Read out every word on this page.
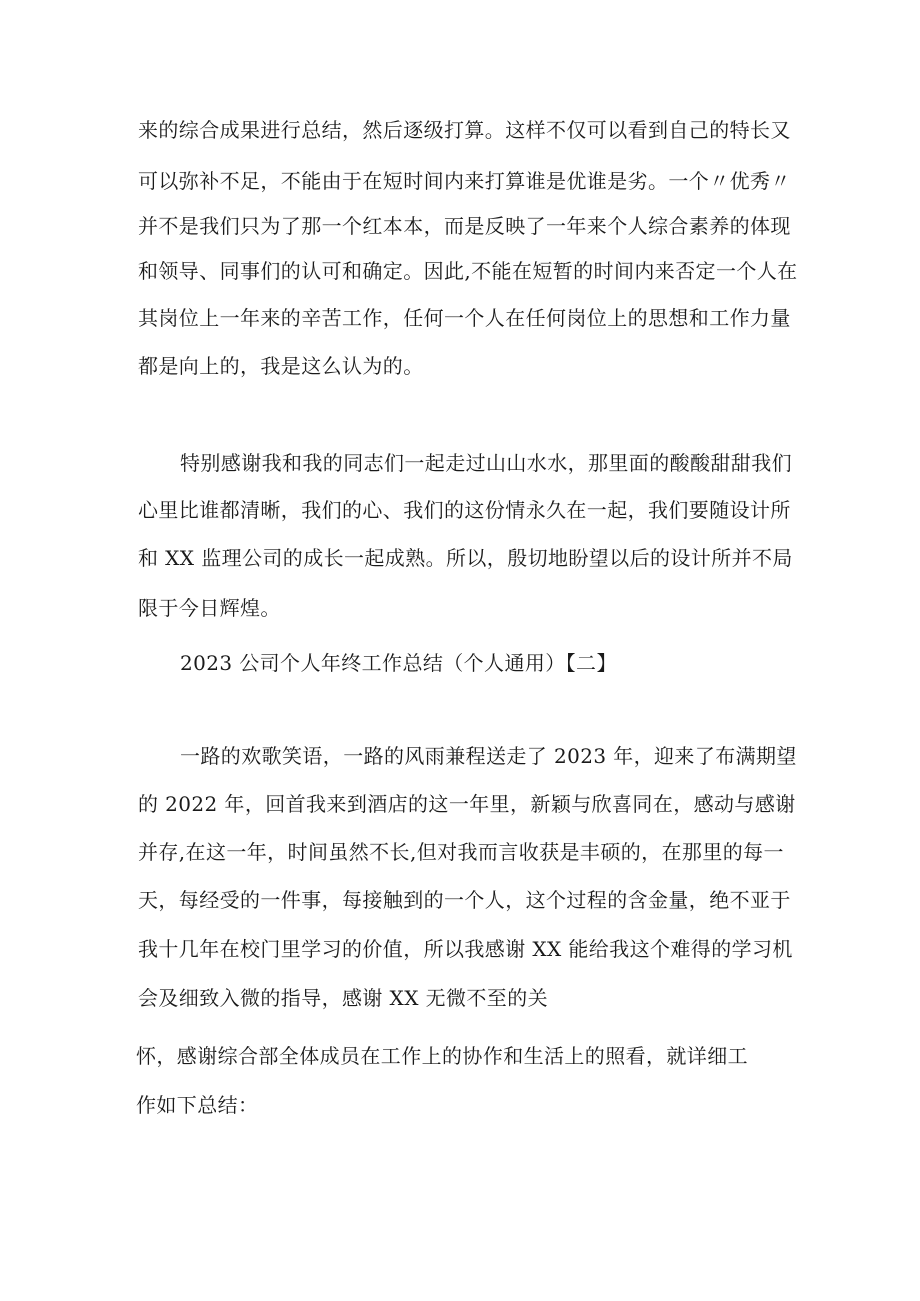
来的综合成果进行总结，然后逐级打算。这样不仅可以看到自己的特长又
可以弥补不足，不能由于在短时间内来打算谁是优谁是劣。一个〃优秀〃
并不是我们只为了那一个红本本，而是反映了一年来个人综合素养的体现
和领导、同事们的认可和确定。因此,不能在短暂的时间内来否定一个人在
其岗位上一年来的辛苦工作，任何一个人在任何岗位上的思想和工作力量
都是向上的，我是这么认为的。
特别感谢我和我的同志们一起走过山山水水，那里面的酸酸甜甜我们
心里比谁都清晰，我们的心、我们的这份情永久在一起，我们要随设计所
和 XX 监理公司的成长一起成熟。所以，殷切地盼望以后的设计所并不局
限于今日辉煌。
2023 公司个人年终工作总结（个人通用）【二】
一路的欢歌笑语，一路的风雨兼程送走了 2023 年，迎来了布满期望
的 2022 年，回首我来到酒店的这一年里，新颖与欣喜同在，感动与感谢
并存,在这一年，时间虽然不长,但对我而言收获是丰硕的，在那里的每一
天，每经受的一件事，每接触到的一个人，这个过程的含金量，绝不亚于
我十几年在校门里学习的价值，所以我感谢 XX 能给我这个难得的学习机
会及细致入微的指导，感谢 XX 无微不至的关
怀，感谢综合部全体成员在工作上的协作和生活上的照看，就详细工
作如下总结：
